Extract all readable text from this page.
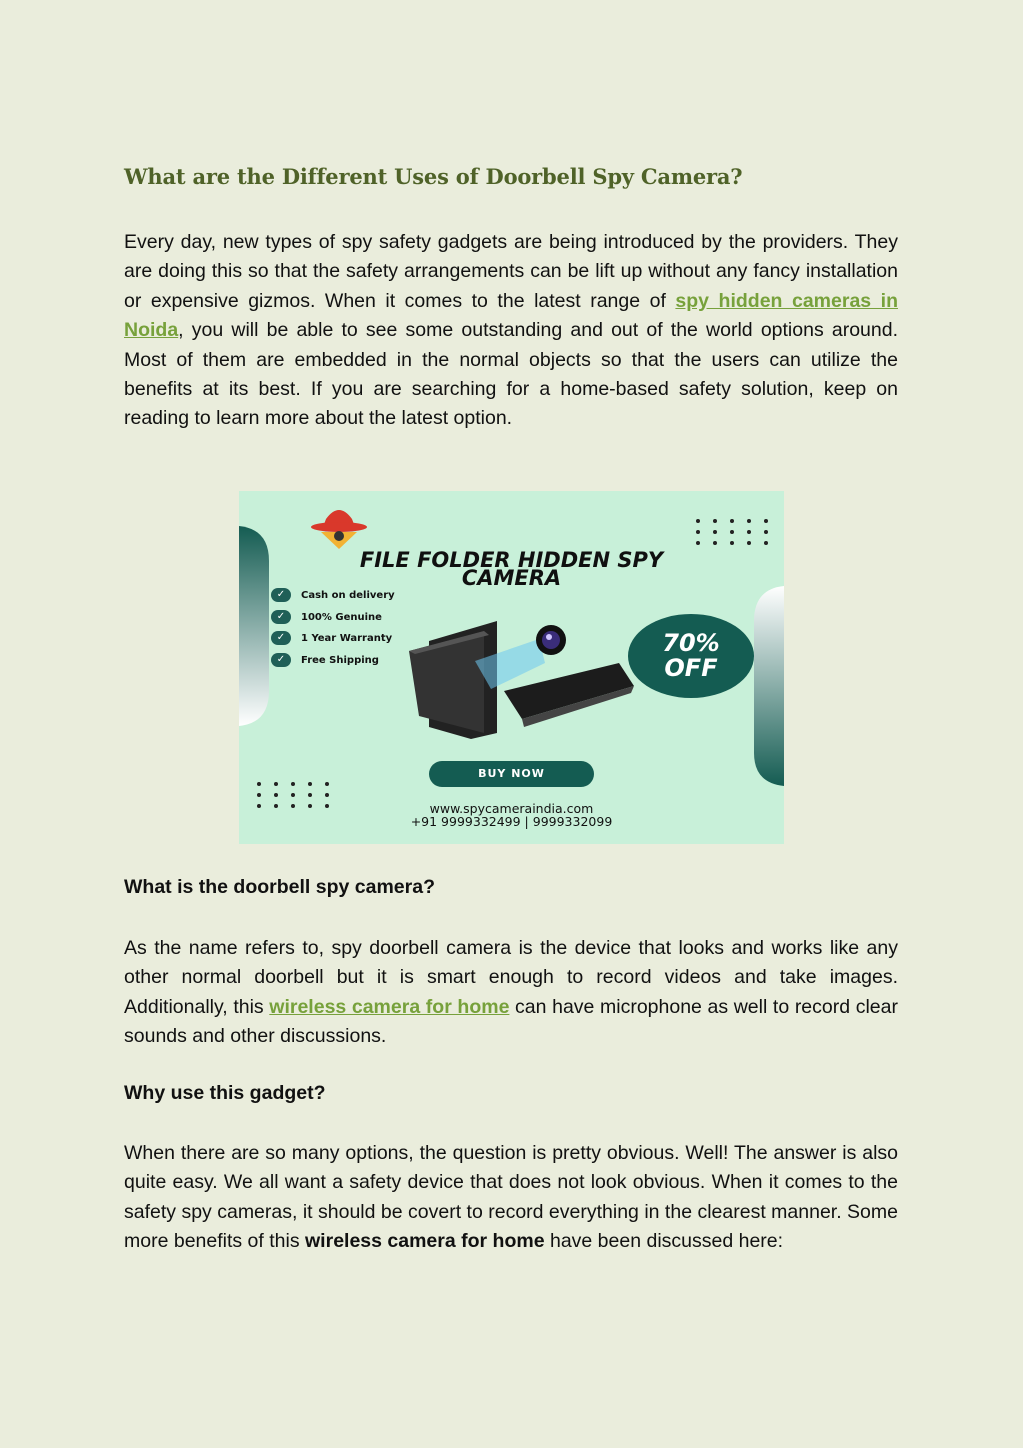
What are the Different Uses of Doorbell Spy Camera?

Every day, new types of spy safety gadgets are being introduced by the providers. They are doing this so that the safety arrangements can be lift up without any fancy installation or expensive gizmos. When it comes to the latest range of spy hidden cameras in Noida, you will be able to see some outstanding and out of the world options around. Most of them are embedded in the normal objects so that the users can utilize the benefits at its best. If you are searching for a home-based safety solution, keep on reading to learn more about the latest option.

FILE FOLDER HIDDEN SPY
CAMERA
✓ Cash on delivery
✓ 100% Genuine
✓ 1 Year Warranty
✓ Free Shipping
70%
OFF
BUY NOW
www.spycameraindia.com
+91 9999332499 | 9999332099
What is the doorbell spy camera?

As the name refers to, spy doorbell camera is the device that looks and works like any other normal doorbell but it is smart enough to record videos and take images. Additionally, this wireless camera for home can have microphone as well to record clear sounds and other discussions.

Why use this gadget?

When there are so many options, the question is pretty obvious. Well! The answer is also quite easy. We all want a safety device that does not look obvious. When it comes to the safety spy cameras, it should be covert to record everything in the clearest manner. Some more benefits of this wireless camera for home have been discussed here:
